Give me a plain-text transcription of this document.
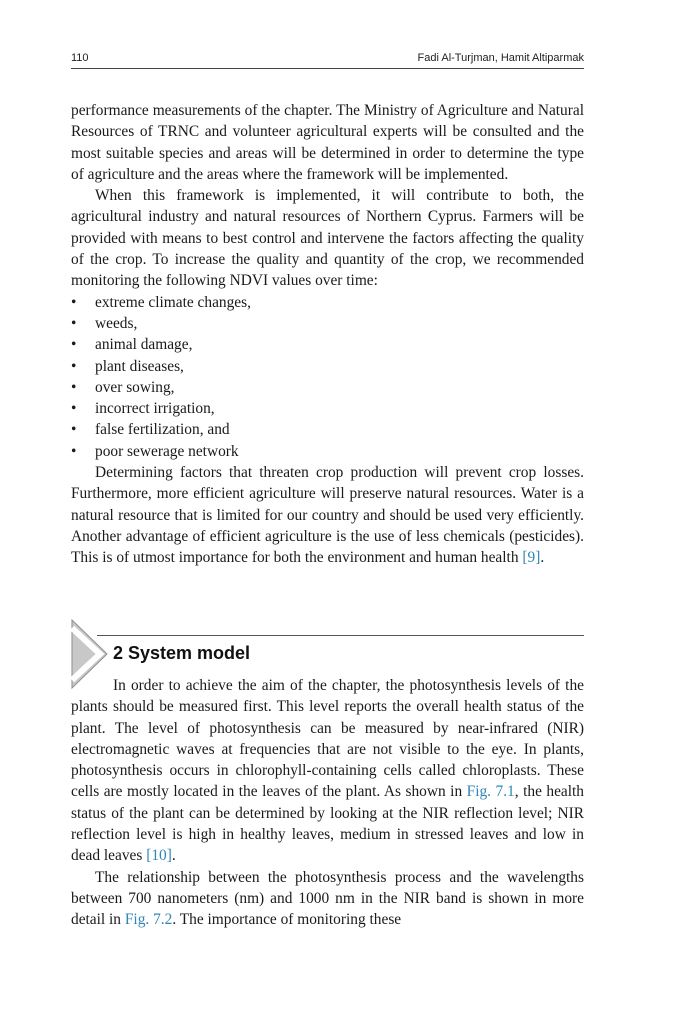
110	Fadi Al-Turjman, Hamit Altiparmak

performance measurements of the chapter. The Ministry of Agriculture and Natural Resources of TRNC and volunteer agricultural experts will be consulted and the most suitable species and areas will be determined in order to determine the type of agriculture and the areas where the framework will be implemented.

When this framework is implemented, it will contribute to both, the agricultural industry and natural resources of Northern Cyprus. Farmers will be provided with means to best control and intervene the factors affecting the quality of the crop. To increase the quality and quantity of the crop, we recommended monitoring the following NDVI values over time:

• extreme climate changes,
• weeds,
• animal damage,
• plant diseases,
• over sowing,
• incorrect irrigation,
• false fertilization, and
• poor sewerage network

Determining factors that threaten crop production will prevent crop losses. Furthermore, more efficient agriculture will preserve natural resources. Water is a natural resource that is limited for our country and should be used very efficiently. Another advantage of efficient agriculture is the use of less chemicals (pesticides). This is of utmost importance for both the environment and human health [9].

2 System model

In order to achieve the aim of the chapter, the photosynthesis levels of the plants should be measured first. This level reports the overall health status of the plant. The level of photosynthesis can be measured by near-infrared (NIR) electromagnetic waves at frequencies that are not visible to the eye. In plants, photosynthesis occurs in chlorophyll-containing cells called chloroplasts. These cells are mostly located in the leaves of the plant. As shown in Fig. 7.1, the health status of the plant can be determined by looking at the NIR reflection level; NIR reflection level is high in healthy leaves, medium in stressed leaves and low in dead leaves [10].

The relationship between the photosynthesis process and the wavelengths between 700 nanometers (nm) and 1000 nm in the NIR band is shown in more detail in Fig. 7.2. The importance of monitoring these
